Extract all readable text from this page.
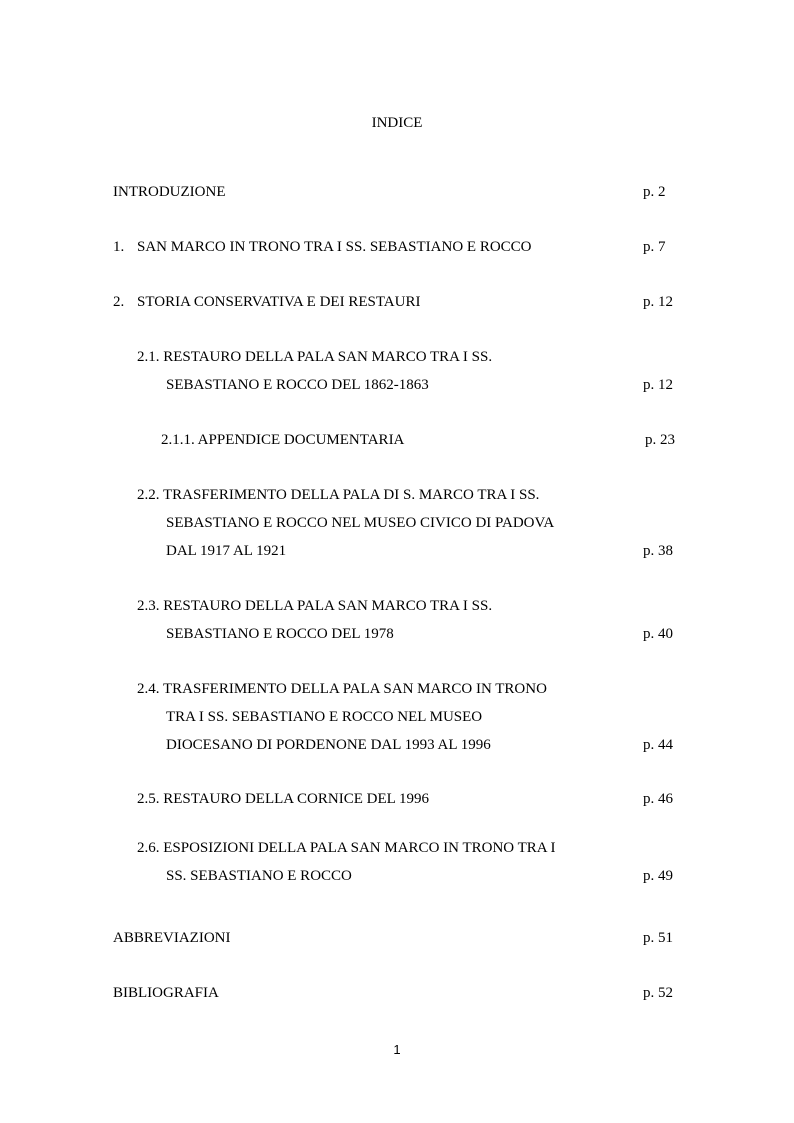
INDICE
INTRODUZIONE	p. 2
1. SAN MARCO IN TRONO TRA I SS. SEBASTIANO E ROCCO	p. 7
2. STORIA CONSERVATIVA E DEI RESTAURI	p. 12
2.1. RESTAURO DELLA PALA SAN MARCO TRA I SS.
SEBASTIANO E ROCCO DEL 1862-1863	p. 12
2.1.1. APPENDICE DOCUMENTARIA	p. 23
2.2. TRASFERIMENTO DELLA PALA DI S. MARCO TRA I SS.
SEBASTIANO E ROCCO NEL MUSEO CIVICO DI PADOVA
DAL 1917 AL 1921	p. 38
2.3. RESTAURO DELLA PALA SAN MARCO TRA I SS.
SEBASTIANO E ROCCO DEL 1978	p. 40
2.4. TRASFERIMENTO DELLA PALA SAN MARCO IN TRONO
TRA I SS. SEBASTIANO E ROCCO NEL MUSEO
DIOCESANO DI PORDENONE DAL 1993 AL 1996	p. 44
2.5. RESTAURO DELLA CORNICE DEL 1996	p. 46
2.6. ESPOSIZIONI DELLA PALA SAN MARCO IN TRONO TRA I
SS. SEBASTIANO E ROCCO	p. 49
ABBREVIAZIONI	p. 51
BIBLIOGRAFIA	p. 52
1
